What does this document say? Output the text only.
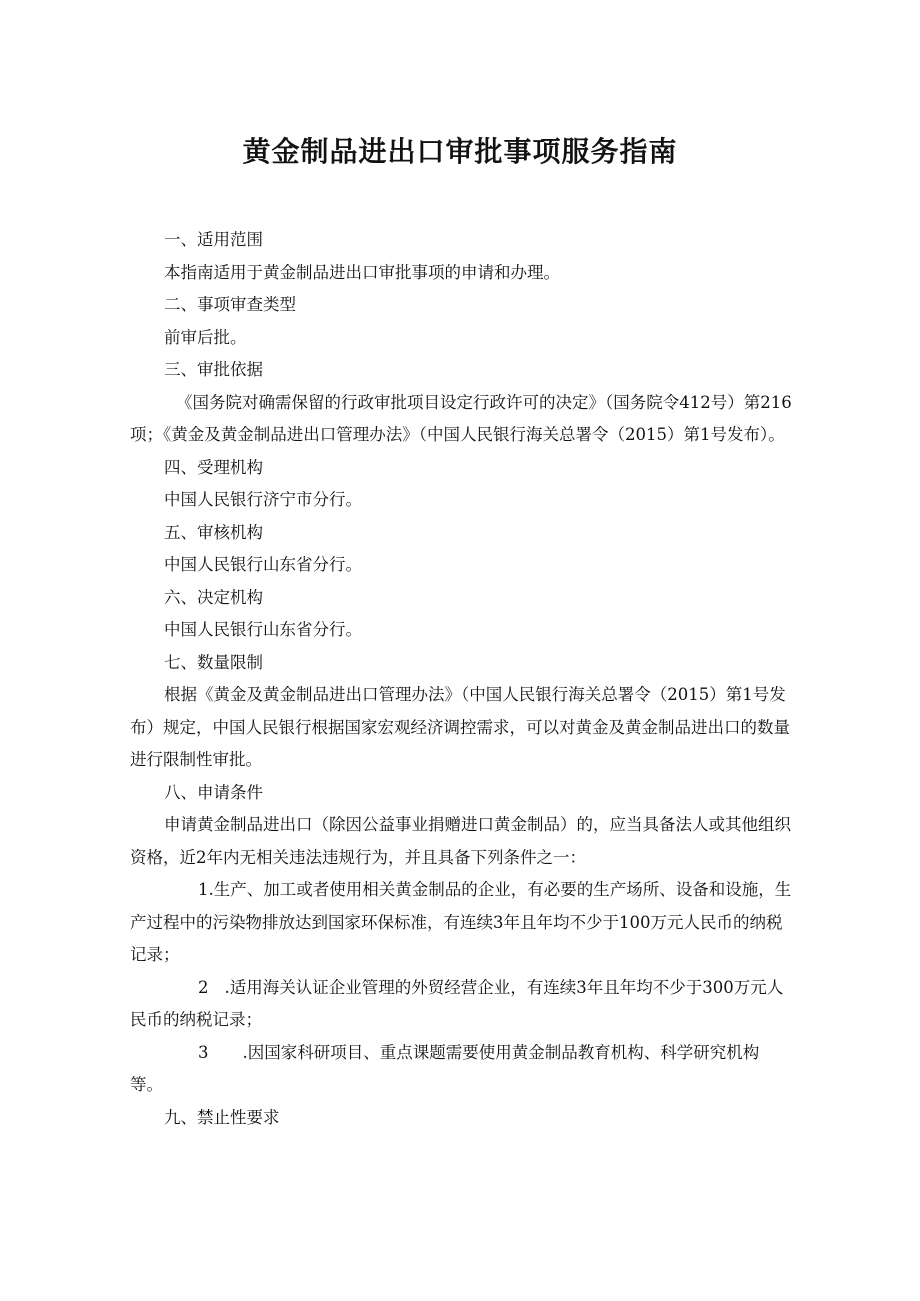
黄金制品进出口审批事项服务指南

一、适用范围

本指南适用于黄金制品进出口审批事项的申请和办理。

二、事项审查类型

前审后批。

三、审批依据

《国务院对确需保留的行政审批项目设定行政许可的决定》（国务院令412号）第216项；《黄金及黄金制品进出口管理办法》（中国人民银行海关总署令（2015）第1号发布）。

四、受理机构

中国人民银行济宁市分行。

五、审核机构

中国人民银行山东省分行。

六、决定机构

中国人民银行山东省分行。

七、数量限制

根据《黄金及黄金制品进出口管理办法》（中国人民银行海关总署令（2015）第1号发布）规定，中国人民银行根据国家宏观经济调控需求，可以对黄金及黄金制品进出口的数量进行限制性审批。

八、申请条件

申请黄金制品进出口（除因公益事业捐赠进口黄金制品）的，应当具备法人或其他组织资格，近2年内无相关违法违规行为，并且具备下列条件之一：

1.生产、加工或者使用相关黄金制品的企业，有必要的生产场所、设备和设施，生产过程中的污染物排放达到国家环保标准，有连续3年且年均不少于100万元人民币的纳税记录；

2 .适用海关认证企业管理的外贸经营企业，有连续3年且年均不少于300万元人民币的纳税记录；

3 .因国家科研项目、重点课题需要使用黄金制品教育机构、科学研究机构等。

九、禁止性要求
